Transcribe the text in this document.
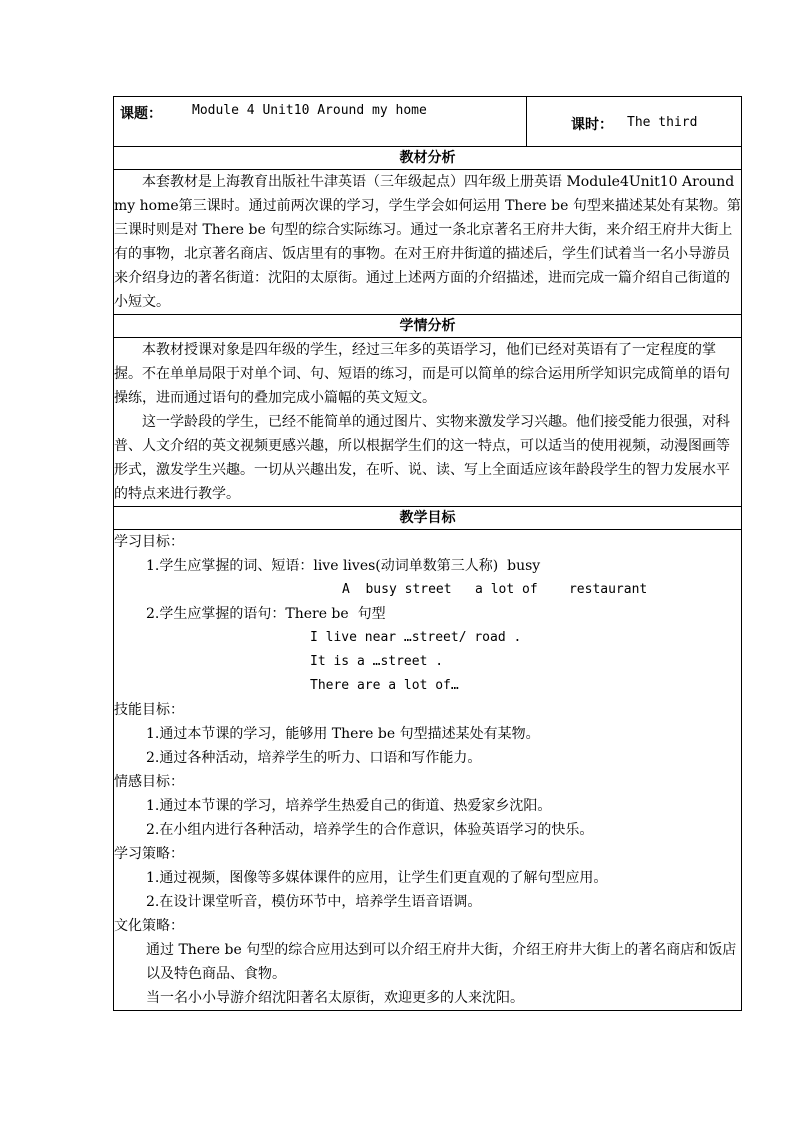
课题： Module 4 Unit10 Around my home

课时： The third

教材分析

本套教材是上海教育出版社牛津英语（三年级起点）四年级上册英语 Module4Unit10 Around my home第三课时。通过前两次课的学习，学生学会如何运用 There be 句型来描述某处有某物。第三课时则是对 There be 句型的综合实际练习。通过一条北京著名王府井大街，来介绍王府井大街上有的事物，北京著名商店、饭店里有的事物。在对王府井街道的描述后，学生们试着当一名小导游员来介绍身边的著名街道：沈阳的太原街。通过上述两方面的介绍描述，进而完成一篇介绍自己街道的小短文。

学情分析

本教材授课对象是四年级的学生，经过三年多的英语学习，他们已经对英语有了一定程度的掌握。不在单单局限于对单个词、句、短语的练习，而是可以简单的综合运用所学知识完成简单的语句操练，进而通过语句的叠加完成小篇幅的英文短文。

这一学龄段的学生，已经不能简单的通过图片、实物来激发学习兴趣。他们接受能力很强，对科普、人文介绍的英文视频更感兴趣，所以根据学生们的这一特点，可以适当的使用视频，动漫图画等形式，激发学生兴趣。一切从兴趣出发，在听、说、读、写上全面适应该年龄段学生的智力发展水平的特点来进行教学。

教学目标

学习目标：
1.学生应掌握的词、短语：live lives(动词单数第三人称)  busy
A  busy street   a lot of    restaurant
2.学生应掌握的语句：There be  句型
I live near …street/ road .
It is a …street .
There are a lot of…
技能目标：
1.通过本节课的学习，能够用 There be 句型描述某处有某物。
2.通过各种活动，培养学生的听力、口语和写作能力。
情感目标：
1.通过本节课的学习，培养学生热爱自己的街道、热爱家乡沈阳。
2.在小组内进行各种活动，培养学生的合作意识，体验英语学习的快乐。
学习策略：
1.通过视频，图像等多媒体课件的应用，让学生们更直观的了解句型应用。
2.在设计课堂听音，模仿环节中，培养学生语音语调。
文化策略：
通过 There be 句型的综合应用达到可以介绍王府井大街，介绍王府井大街上的著名商店和饭店以及特色商品、食物。
当一名小小导游介绍沈阳著名太原街，欢迎更多的人来沈阳。
